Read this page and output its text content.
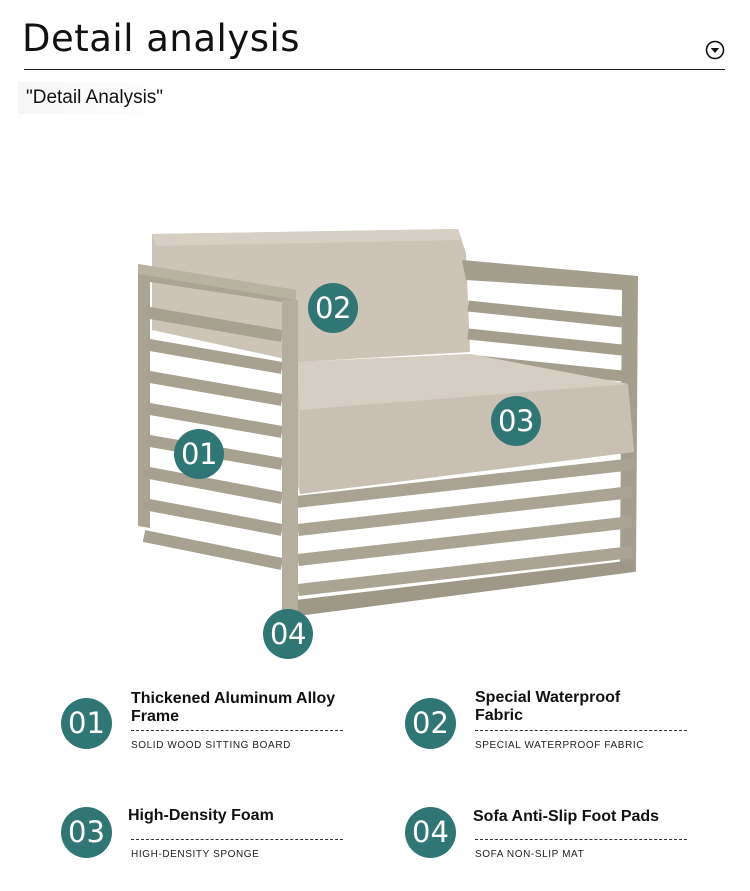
Detail analysis
"Detail Analysis"
02
03
01
04
01
Thickened Aluminum Alloy Frame
SOLID WOOD SITTING BOARD
02
Special Waterproof Fabric
SPECIAL WATERPROOF FABRIC
03	High-Density Foam
HIGH-DENSITY SPONGE
04	Sofa Anti-Slip Foot Pads
SOFA NON-SLIP MAT
